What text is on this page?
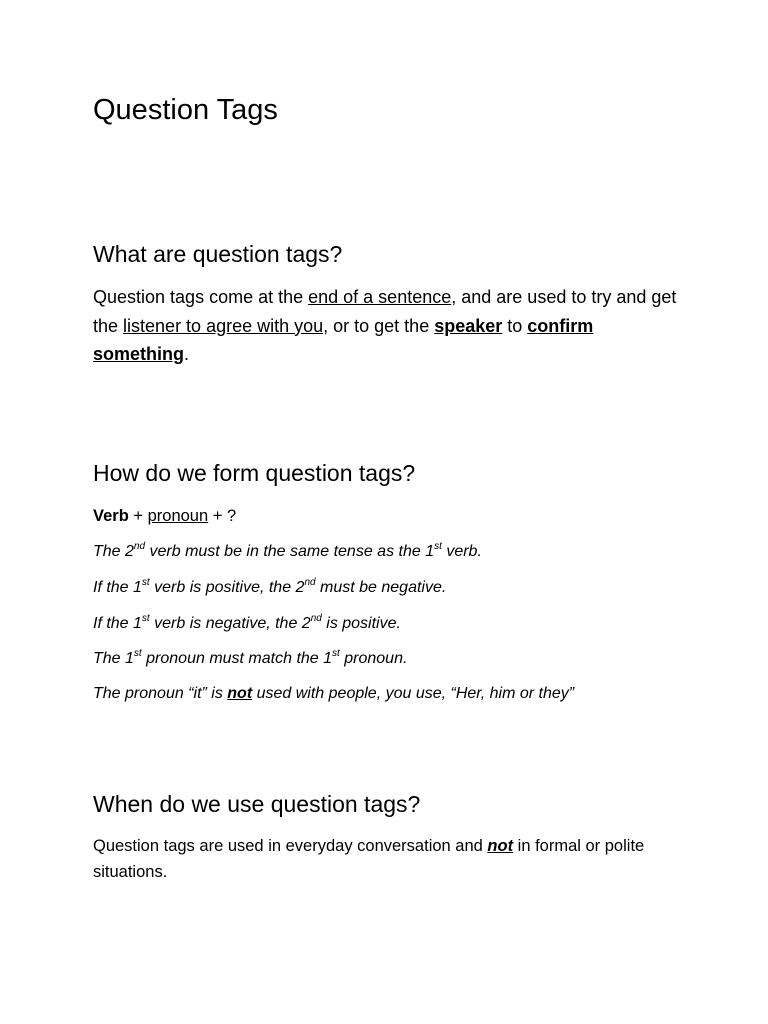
Question Tags
What are question tags?

Question tags come at the end of a sentence, and are used to try and get the listener to agree with you, or to get the speaker to confirm something.

How do we form question tags?

Verb + pronoun + ?

The 2nd verb must be in the same tense as the 1st verb.

If the 1st verb is positive, the 2nd must be negative.

If the 1st verb is negative, the 2nd is positive.

The 1st pronoun must match the 1st pronoun.

The pronoun “it” is not used with people, you use, “Her, him or they”

When do we use question tags?

Question tags are used in everyday conversation and not in formal or polite situations.
